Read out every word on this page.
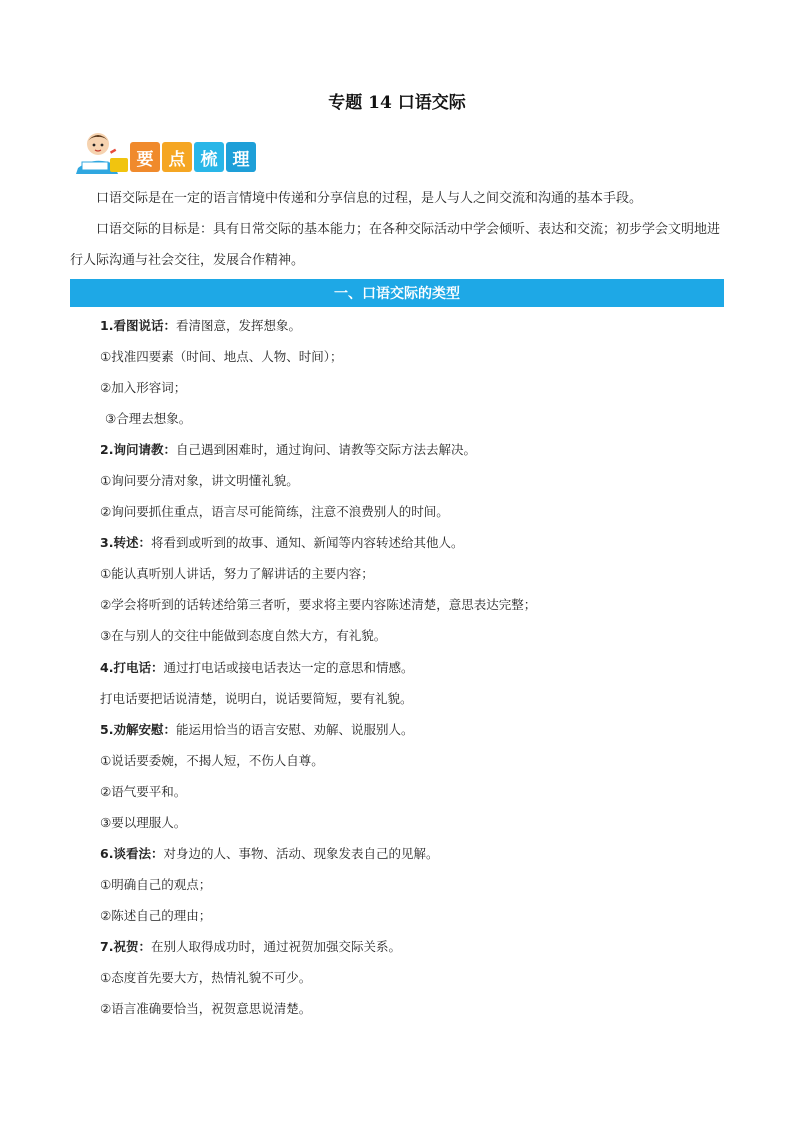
专题 14 口语交际
要 点 梳 理

口语交际是在一定的语言情境中传递和分享信息的过程，是人与人之间交流和沟通的基本手段。

口语交际的目标是：具有日常交际的基本能力；在各种交际活动中学会倾听、表达和交流；初步学会文明地进行人际沟通与社会交往，发展合作精神。

一、口语交际的类型
1.看图说话：看清图意，发挥想象。
①找准四要素（时间、地点、人物、时间）；
②加入形容词；
③合理去想象。
2.询问请教：自己遇到困难时，通过询问、请教等交际方法去解决。
①询问要分清对象，讲文明懂礼貌。
②询问要抓住重点，语言尽可能简练，注意不浪费别人的时间。
3.转述：将看到或听到的故事、通知、新闻等内容转述给其他人。
①能认真听别人讲话，努力了解讲话的主要内容；
②学会将听到的话转述给第三者听，要求将主要内容陈述清楚，意思表达完整；
③在与别人的交往中能做到态度自然大方，有礼貌。
4.打电话：通过打电话或接电话表达一定的意思和情感。
打电话要把话说清楚，说明白，说话要简短，要有礼貌。
5.劝解安慰：能运用恰当的语言安慰、劝解、说服别人。
①说话要委婉，不揭人短，不伤人自尊。
②语气要平和。
③要以理服人。
6.谈看法：对身边的人、事物、活动、现象发表自己的见解。
①明确自己的观点；
②陈述自己的理由；
7.祝贺：在别人取得成功时，通过祝贺加强交际关系。
①态度首先要大方，热情礼貌不可少。
②语言准确要恰当，祝贺意思说清楚。
